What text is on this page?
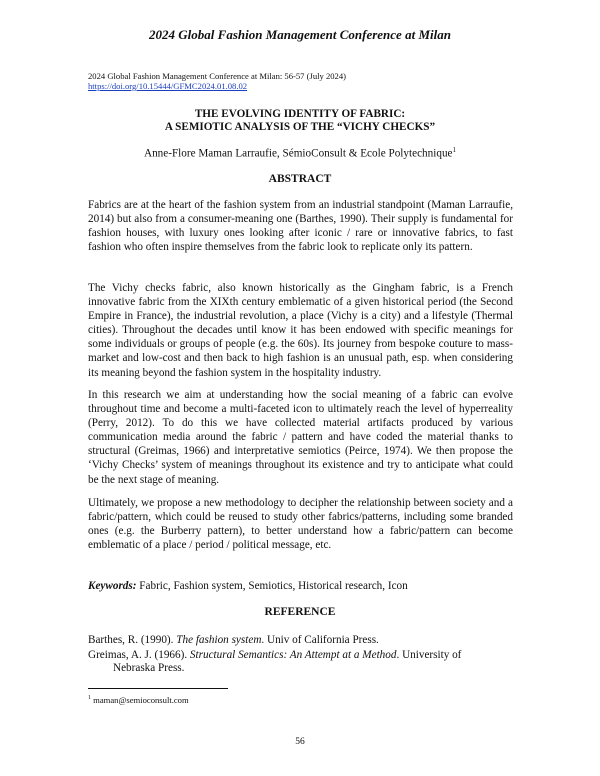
2024 Global Fashion Management Conference at Milan
2024 Global Fashion Management Conference at Milan: 56-57 (July 2024)
https://doi.org/10.15444/GFMC2024.01.08.02
THE EVOLVING IDENTITY OF FABRIC:
A SEMIOTIC ANALYSIS OF THE “VICHY CHECKS”
Anne-Flore Maman Larraufie, SémioConsult & Ecole Polytechnique$^1$
ABSTRACT

Fabrics are at the heart of the fashion system from an industrial standpoint (Maman Larraufie, 2014) but also from a consumer-meaning one (Barthes, 1990). Their supply is fundamental for fashion houses, with luxury ones looking after iconic / rare or innovative fabrics, to fast fashion who often inspire themselves from the fabric look to replicate only its pattern.

The Vichy checks fabric, also known historically as the Gingham fabric, is a French innovative fabric from the XIXth century emblematic of a given historical period (the Second Empire in France), the industrial revolution, a place (Vichy is a city) and a lifestyle (Thermal cities). Throughout the decades until know it has been endowed with specific meanings for some individuals or groups of people (e.g. the 60s). Its journey from bespoke couture to mass-market and low-cost and then back to high fashion is an unusual path, esp. when considering its meaning beyond the fashion system in the hospitality industry.

In this research we aim at understanding how the social meaning of a fabric can evolve throughout time and become a multi-faceted icon to ultimately reach the level of hyperreality (Perry, 2012). To do this we have collected material artifacts produced by various communication media around the fabric / pattern and have coded the material thanks to structural (Greimas, 1966) and interpretative semiotics (Peirce, 1974). We then propose the ‘Vichy Checks’ system of meanings throughout its existence and try to anticipate what could be the next stage of meaning.

Ultimately, we propose a new methodology to decipher the relationship between society and a fabric/pattern, which could be reused to study other fabrics/patterns, including some branded ones (e.g. the Burberry pattern), to better understand how a fabric/pattern can become emblematic of a place / period / political message, etc.

Keywords: Fabric, Fashion system, Semiotics, Historical research, Icon
REFERENCE
Barthes, R. (1990). The fashion system. Univ of California Press.
Greimas, A. J. (1966). Structural Semantics: An Attempt at a Method. University of
Nebraska Press.
$^1$ maman@semioconsult.com
56
